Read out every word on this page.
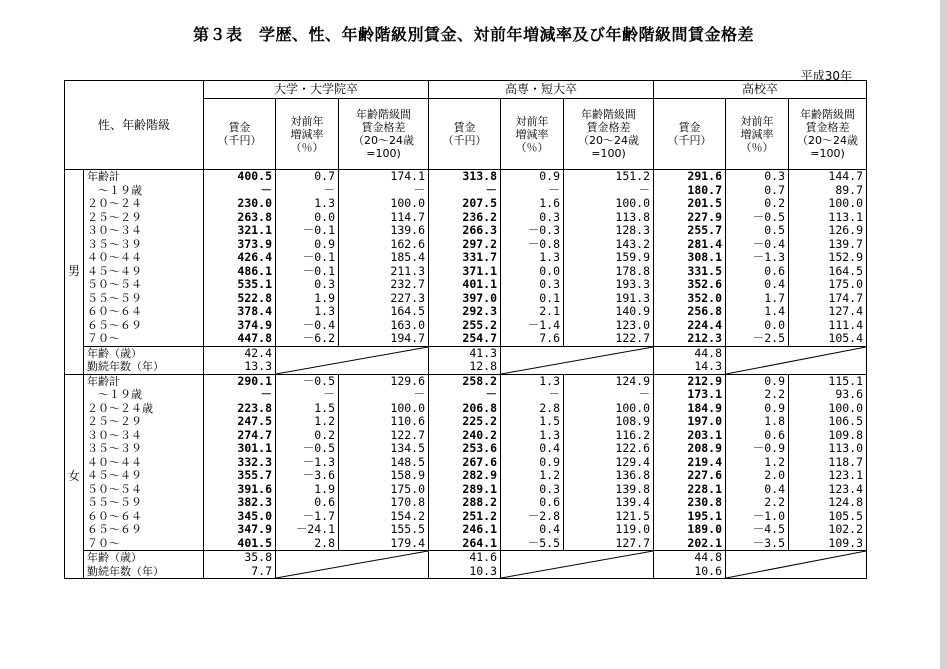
第３表　学歴、性、年齢階級別賃金、対前年増減率及び年齢階級間賃金格差
平成30年
性、年齢階級		大学・大学院卒			高専・短大卒			高校卒		
		賃金
（千円）	対前年
増減率
（％）	年齢階級間
賃金格差
（20～24歳
=100)	賃金
（千円）	対前年
増減率
（％）	年齢階級間
賃金格差
（20～24歳
=100)	賃金
（千円）	対前年
増減率
（％）	年齢階級間
賃金格差
（20～24歳
=100)
男	年齢計	400.5	0.7	174.1	313.8	0.9	151.2	291.6	0.3	144.7
	　～１９歳	－	－	－	－	－	－	180.7	0.7	89.7
	２０～２４	230.0	1.3	100.0	207.5	1.6	100.0	201.5	0.2	100.0
	２５～２９	263.8	0.0	114.7	236.2	0.3	113.8	227.9	－0.5	113.1
	３０～３４	321.1	－0.1	139.6	266.3	－0.3	128.3	255.7	0.5	126.9
	３５～３９	373.9	0.9	162.6	297.2	－0.8	143.2	281.4	－0.4	139.7
	４０～４４	426.4	－0.1	185.4	331.7	1.3	159.9	308.1	－1.3	152.9
	４５～４９	486.1	－0.1	211.3	371.1	0.0	178.8	331.5	0.6	164.5
	５０～５４	535.1	0.3	232.7	401.1	0.3	193.3	352.6	0.4	175.0
	５５～５９	522.8	1.9	227.3	397.0	0.1	191.3	352.0	1.7	174.7
	６０～６４	378.4	1.3	164.5	292.3	2.1	140.9	256.8	1.4	127.4
	６５～６９	374.9	－0.4	163.0	255.2	－1.4	123.0	224.4	0.0	111.4
	７０～	447.8	－6.2	194.7	254.7	7.6	122.7	212.3	－2.5	105.4
	年齢（歳）	42.4			41.3			44.8	

	勤続年数（年）	13.3			12.8			14.3		
女	年齢計	290.1	－0.5	129.6	258.2	1.3	124.9	212.9	0.9	115.1
	　～１９歳	－	－	－	－	－	－	173.1	2.2	93.6
	２０～２４歳	223.8	1.5	100.0	206.8	2.8	100.0	184.9	0.9	100.0
	２５～２９	247.5	1.2	110.6	225.2	1.5	108.9	197.0	1.8	106.5
	３０～３４	274.7	0.2	122.7	240.2	1.3	116.2	203.1	0.6	109.8
	３５～３９	301.1	－0.5	134.5	253.6	0.4	122.6	208.9	－0.9	113.0
	４０～４４	332.3	－1.3	148.5	267.6	0.9	129.4	219.4	1.2	118.7
	４５～４９	355.7	－3.6	158.9	282.9	1.2	136.8	227.6	2.0	123.1
	５０～５４	391.6	1.9	175.0	289.1	0.3	139.8	228.1	0.4	123.4
	５５～５９	382.3	0.6	170.8	288.2	0.6	139.4	230.8	2.2	124.8
	６０～６４	345.0	－1.7	154.2	251.2	－2.8	121.5	195.1	－1.0	105.5
	６５～６９	347.9	－24.1	155.5	246.1	0.4	119.0	189.0	－4.5	102.2
	７０～	401.5	2.8	179.4	264.1	－5.5	127.7	202.1	－3.5	109.3
	年齢（歳）	35.8			41.6			44.8	

	勤続年数（年）	7.7			10.3			10.6		
